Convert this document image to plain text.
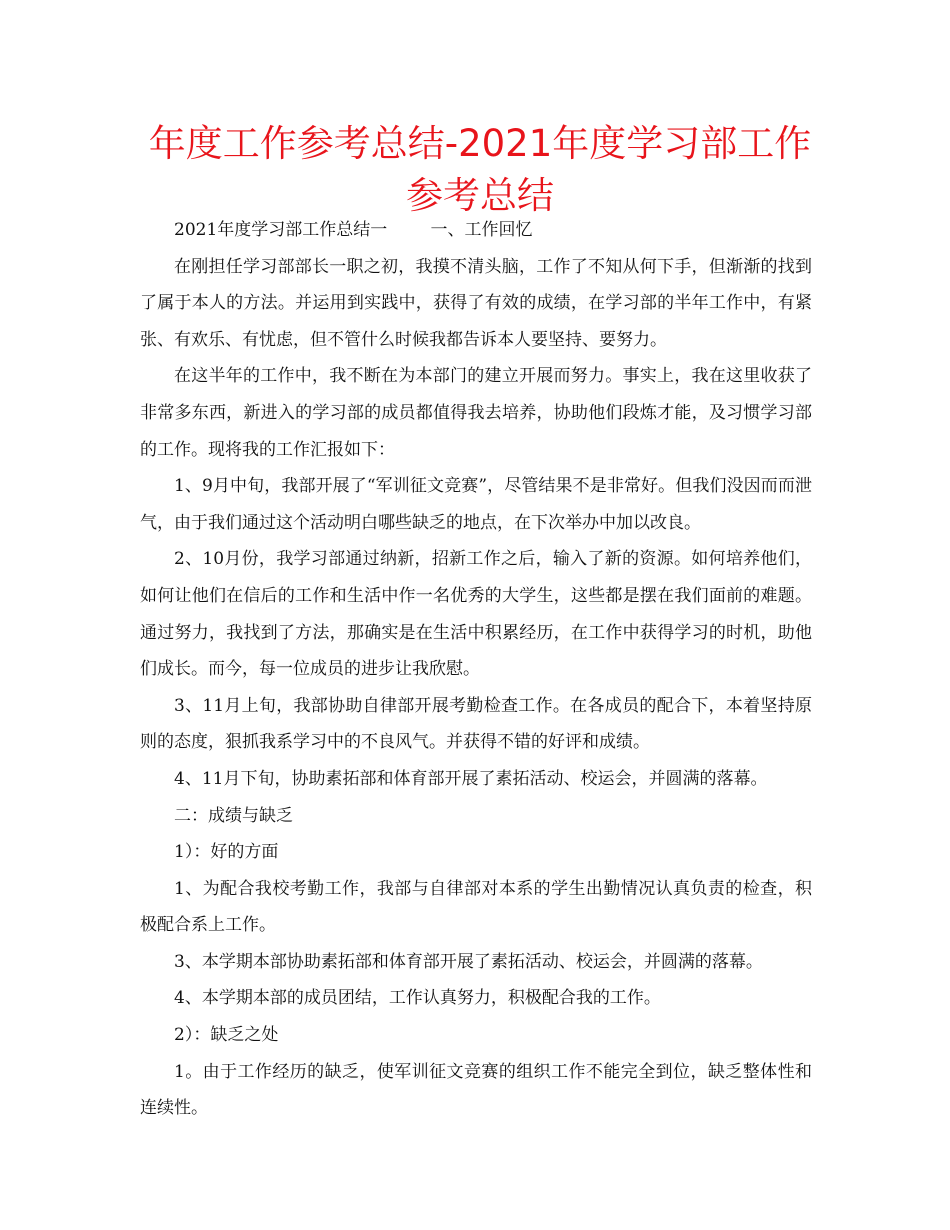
年度工作参考总结-2021年度学习部工作参考总结

2021年度学习部工作总结一	一、工作回忆

在刚担任学习部部长一职之初，我摸不清头脑，工作了不知从何下手，但渐渐的找到了属于本人的方法。并运用到实践中，获得了有效的成绩，在学习部的半年工作中，有紧张、有欢乐、有忧虑，但不管什么时候我都告诉本人要坚持、要努力。

在这半年的工作中，我不断在为本部门的建立开展而努力。事实上，我在这里收获了非常多东西，新进入的学习部的成员都值得我去培养，协助他们段炼才能，及习惯学习部的工作。现将我的工作汇报如下：

1、9月中旬，我部开展了“军训征文竞赛”，尽管结果不是非常好。但我们没因而而泄气，由于我们通过这个活动明白哪些缺乏的地点，在下次举办中加以改良。

2、10月份，我学习部通过纳新，招新工作之后，输入了新的资源。如何培养他们，如何让他们在信后的工作和生活中作一名优秀的大学生，这些都是摆在我们面前的难题。通过努力，我找到了方法，那确实是在生活中积累经历，在工作中获得学习的时机，助他们成长。而今，每一位成员的进步让我欣慰。

3、11月上旬，我部协助自律部开展考勤检查工作。在各成员的配合下，本着坚持原则的态度，狠抓我系学习中的不良风气。并获得不错的好评和成绩。

4、11月下旬，协助素拓部和体育部开展了素拓活动、校运会，并圆满的落幕。

二：成绩与缺乏

1）：好的方面

1、为配合我校考勤工作，我部与自律部对本系的学生出勤情况认真负责的检查，积极配合系上工作。

3、本学期本部协助素拓部和体育部开展了素拓活动、校运会，并圆满的落幕。

4、本学期本部的成员团结，工作认真努力，积极配合我的工作。

2）：缺乏之处

1。由于工作经历的缺乏，使军训征文竞赛的组织工作不能完全到位，缺乏整体性和连续性。
